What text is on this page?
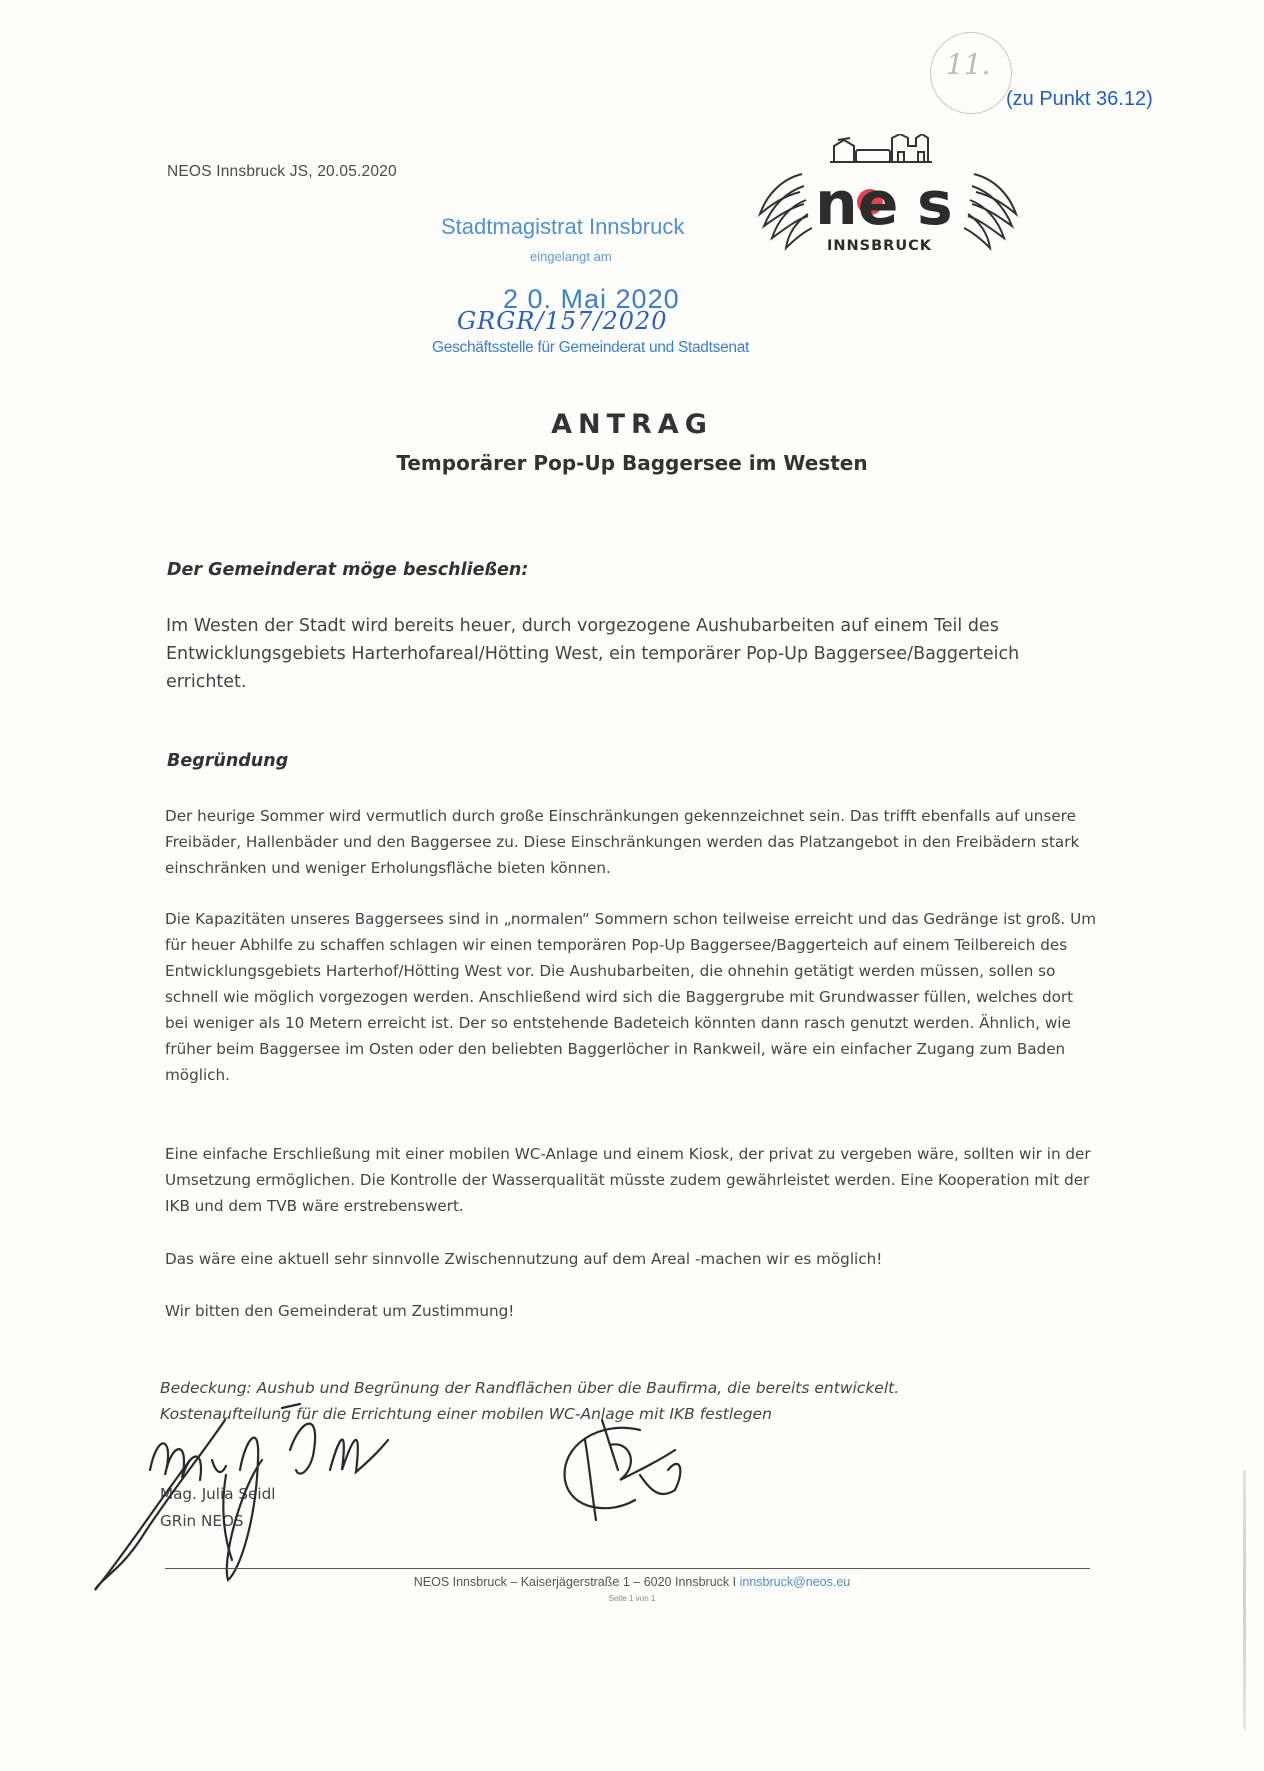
11.
(zu Punkt 36.12)
NEOS Innsbruck JS, 20.05.2020	ne s
INNSBRUCK
Stadtmagistrat Innsbruck
eingelangt am
2 0. Mai 2020
GRGR/157/2020
Geschäftsstelle für Gemeinderat und Stadtsenat
ANTRAG
Temporärer Pop-Up Baggersee im Westen
Der Gemeinderat möge beschließen:
Im Westen der Stadt wird bereits heuer, durch vorgezogene Aushubarbeiten auf einem Teil des Entwicklungsgebiets Harterhofareal/Hötting West, ein temporärer Pop-Up Baggersee/Baggerteich errichtet.
Begründung
Der heurige Sommer wird vermutlich durch große Einschränkungen gekennzeichnet sein. Das trifft ebenfalls auf unsere Freibäder, Hallenbäder und den Baggersee zu. Diese Einschränkungen werden das Platzangebot in den Freibädern stark einschränken und weniger Erholungsfläche bieten können.
Die Kapazitäten unseres Baggersees sind in „normalen“ Sommern schon teilweise erreicht und das Gedränge ist groß. Um für heuer Abhilfe zu schaffen schlagen wir einen temporären Pop-Up Baggersee/Baggerteich auf einem Teilbereich des Entwicklungsgebiets Harterhof/Hötting West vor. Die Aushubarbeiten, die ohnehin getätigt werden müssen, sollen so schnell wie möglich vorgezogen werden. Anschließend wird sich die Baggergrube mit Grundwasser füllen, welches dort bei weniger als 10 Metern erreicht ist. Der so entstehende Badeteich könnten dann rasch genutzt werden. Ähnlich, wie früher beim Baggersee im Osten oder den beliebten Baggerlöcher in Rankweil, wäre ein einfacher Zugang zum Baden möglich.
Eine einfache Erschließung mit einer mobilen WC-Anlage und einem Kiosk, der privat zu vergeben wäre, sollten wir in der Umsetzung ermöglichen. Die Kontrolle der Wasserqualität müsste zudem gewährleistet werden. Eine Kooperation mit der IKB und dem TVB wäre erstrebenswert.
Das wäre eine aktuell sehr sinnvolle Zwischennutzung auf dem Areal -machen wir es möglich!
Wir bitten den Gemeinderat um Zustimmung!
Bedeckung: Aushub und Begrünung der Randflächen über die Baufirma, die bereits entwickelt.
Kostenaufteilung für die Errichtung einer mobilen WC-Anlage mit IKB festlegen
Mag. Julia Seidl
GRin NEOS
NEOS Innsbruck – Kaiserjägerstraße 1 – 6020 Innsbruck I innsbruck@neos.eu
Seite 1 von 1
